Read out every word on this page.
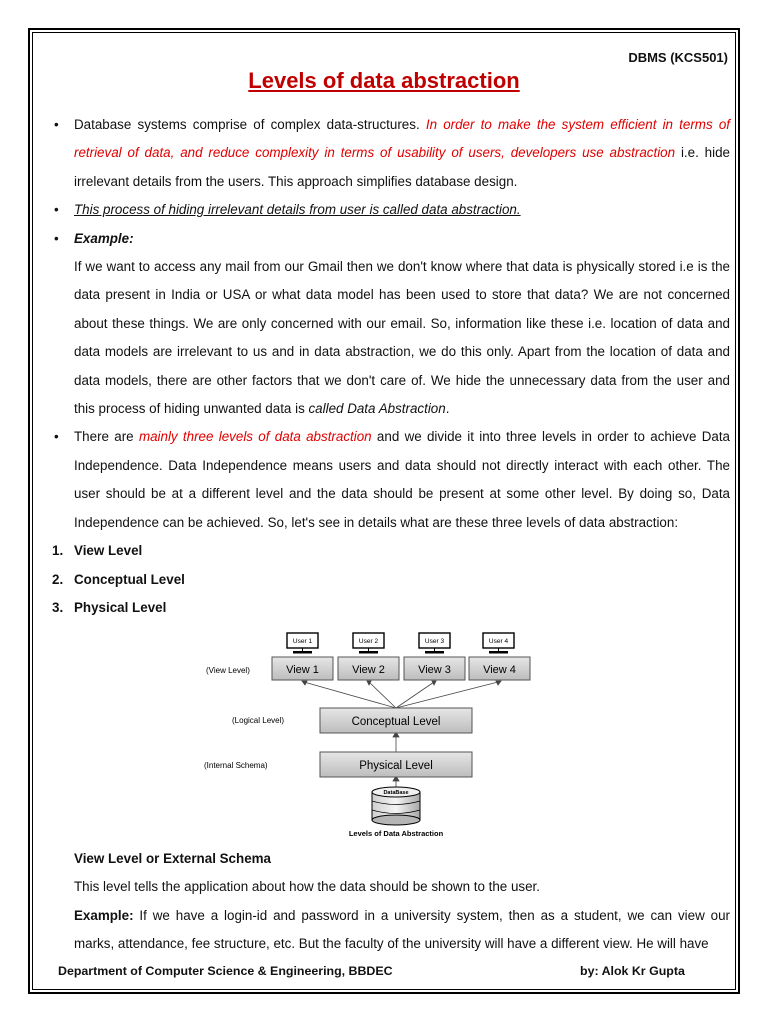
DBMS (KCS501)
Levels of data abstraction
• Database systems comprise of complex data-structures. In order to make the system efficient in terms of retrieval of data, and reduce complexity in terms of usability of users, developers use abstraction i.e. hide irrelevant details from the users. This approach simplifies database design.
• This process of hiding irrelevant details from user is called data abstraction.
• Example:
If we want to access any mail from our Gmail then we don't know where that data is physically stored i.e is the data present in India or USA or what data model has been used to store that data? We are not concerned about these things. We are only concerned with our email. So, information like these i.e. location of data and data models are irrelevant to us and in data abstraction, we do this only. Apart from the location of data and data models, there are other factors that we don't care of. We hide the unnecessary data from the user and this process of hiding unwanted data is called Data Abstraction.
• There are mainly three levels of data abstraction and we divide it into three levels in order to achieve Data Independence. Data Independence means users and data should not directly interact with each other. The user should be at a different level and the data should be present at some other level. By doing so, Data Independence can be achieved. So, let's see in details what are these three levels of data abstraction:
1. View Level
2. Conceptual Level
3. Physical Level
User 1	User 2	User 3	User 4
(View Level)
(Logical Level)
(Internal Schema)
View 1	View 2	View 3	View 4
Conceptual Level
Physical Level
DataBase
Levels of Data Abstraction
View Level or External Schema
This level tells the application about how the data should be shown to the user.
Example: If we have a login-id and password in a university system, then as a student, we can view our marks, attendance, fee structure, etc. But the faculty of the university will have a different view. He will have
Department of Computer Science & Engineering, BBDEC	by: Alok Kr Gupta
